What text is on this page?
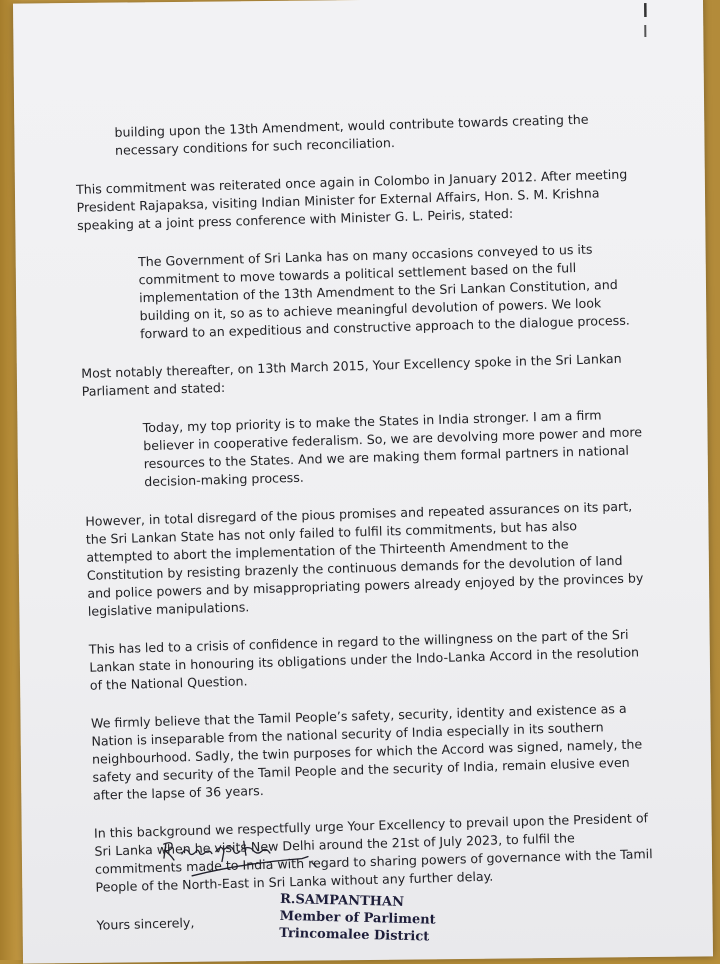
building upon the 13th Amendment, would contribute towards creating the necessary conditions for such reconciliation.

This commitment was reiterated once again in Colombo in January 2012. After meeting President Rajapaksa, visiting Indian Minister for External Affairs, Hon. S. M. Krishna speaking at a joint press conference with Minister G. L. Peiris, stated:

The Government of Sri Lanka has on many occasions conveyed to us its commitment to move towards a political settlement based on the full implementation of the 13th Amendment to the Sri Lankan Constitution, and building on it, so as to achieve meaningful devolution of powers. We look forward to an expeditious and constructive approach to the dialogue process.

Most notably thereafter, on 13th March 2015, Your Excellency spoke in the Sri Lankan Parliament and stated:

Today, my top priority is to make the States in India stronger. I am a firm believer in cooperative federalism. So, we are devolving more power and more resources to the States. And we are making them formal partners in national decision-making process.

However, in total disregard of the pious promises and repeated assurances on its part, the Sri Lankan State has not only failed to fulfil its commitments, but has also attempted to abort the implementation of the Thirteenth Amendment to the Constitution by resisting brazenly the continuous demands for the devolution of land and police powers and by misappropriating powers already enjoyed by the provinces by legislative manipulations.

This has led to a crisis of confidence in regard to the willingness on the part of the Sri Lankan state in honouring its obligations under the Indo-Lanka Accord in the resolution of the National Question.

We firmly believe that the Tamil People’s safety, security, identity and existence as a Nation is inseparable from the national security of India especially in its southern neighbourhood. Sadly, the twin purposes for which the Accord was signed, namely, the safety and security of the Tamil People and the security of India, remain elusive even after the lapse of 36 years.

In this background we respectfully urge Your Excellency to prevail upon the President of Sri Lanka when he visits New Delhi around the 21st of July 2023, to fulfil the commitments made to India with regard to sharing powers of governance with the Tamil People of the North-East in Sri Lanka without any further delay.

Yours sincerely,

R.SAMPANTHAN
Member of Parliment
Trincomalee District
